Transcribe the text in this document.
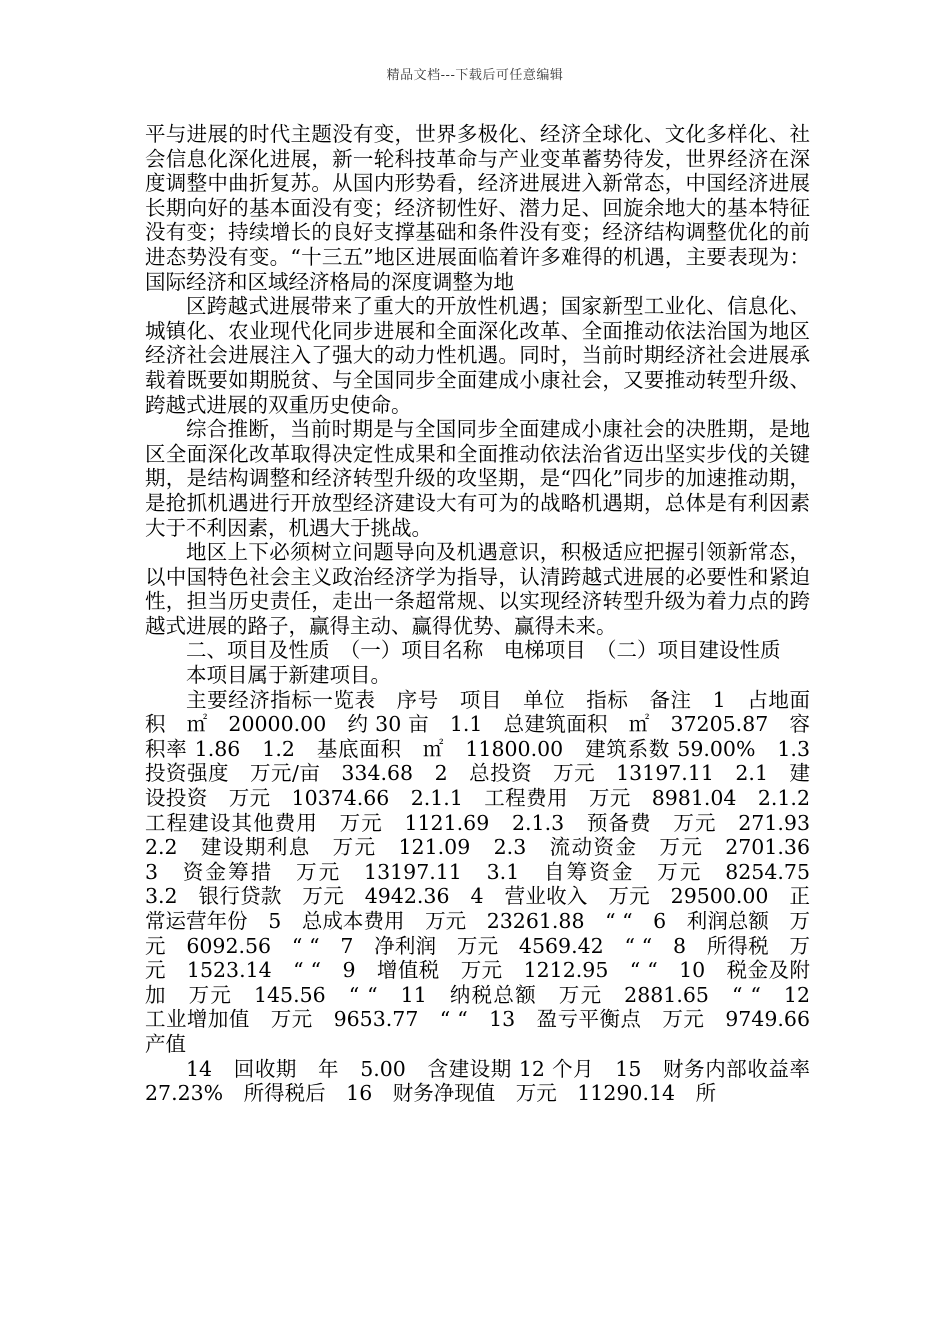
精品文档---下载后可任意编辑

平与进展的时代主题没有变，世界多极化、经济全球化、文化多样化、社会信息化深化进展，新一轮科技革命与产业变革蓄势待发，世界经济在深度调整中曲折复苏。从国内形势看，经济进展进入新常态，中国经济进展长期向好的基本面没有变；经济韧性好、潜力足、回旋余地大的基本特征没有变；持续增长的良好支撑基础和条件没有变；经济结构调整优化的前进态势没有变。“十三五”地区进展面临着许多难得的机遇，主要表现为：国际经济和区域经济格局的深度调整为地

区跨越式进展带来了重大的开放性机遇；国家新型工业化、信息化、城镇化、农业现代化同步进展和全面深化改革、全面推动依法治国为地区经济社会进展注入了强大的动力性机遇。同时，当前时期经济社会进展承载着既要如期脱贫、与全国同步全面建成小康社会，又要推动转型升级、跨越式进展的双重历史使命。

综合推断，当前时期是与全国同步全面建成小康社会的决胜期，是地区全面深化改革取得决定性成果和全面推动依法治省迈出坚实步伐的关键期，是结构调整和经济转型升级的攻坚期，是“四化”同步的加速推动期，是抢抓机遇进行开放型经济建设大有可为的战略机遇期，总体是有利因素大于不利因素，机遇大于挑战。

地区上下必须树立问题导向及机遇意识，积极适应把握引领新常态，以中国特色社会主义政治经济学为指导，认清跨越式进展的必要性和紧迫性，担当历史责任，走出一条超常规、以实现经济转型升级为着力点的跨越式进展的路子，赢得主动、赢得优势、赢得未来。

二、项目及性质　（一）项目名称　电梯项目　（二）项目建设性质

本项目属于新建项目。

主要经济指标一览表　序号　项目　单位　指标　备注　1　占地面积　㎡　20000.00　约 30 亩　1.1　总建筑面积　㎡　37205.87　容积率 1.86　1.2　基底面积　㎡　11800.00　建筑系数 59.00%　1.3　投资强度　万元/亩　334.68　2　总投资　万元　13197.11　2.1　建设投资　万元　10374.66　2.1.1　工程费用　万元　8981.04　2.1.2　工程建设其他费用　万元　1121.69　2.1.3　预备费　万元　271.93　2.2　建设期利息　万元　121.09　2.3　流动资金　万元　2701.36　3　资金筹措　万元　13197.11　3.1　自筹资金　万元　8254.75　3.2　银行贷款　万元　4942.36　4　营业收入　万元　29500.00　正常运营年份　5　总成本费用　万元　23261.88　“ “　6　利润总额　万元　6092.56　“ “　7　净利润　万元　4569.42　“ “　8　所得税　万元　1523.14　“ “　9　增值税　万元　1212.95　“ “　10　税金及附加　万元　145.56　“ “　11　纳税总额　万元　2881.65　“ “　12　工业增加值　万元　9653.77　“ “　13　盈亏平衡点　万元　9749.66　产值

14　回收期　年　5.00　含建设期 12 个月　15　财务内部收益率　27.23%　所得税后　16　财务净现值　万元　11290.14　所
